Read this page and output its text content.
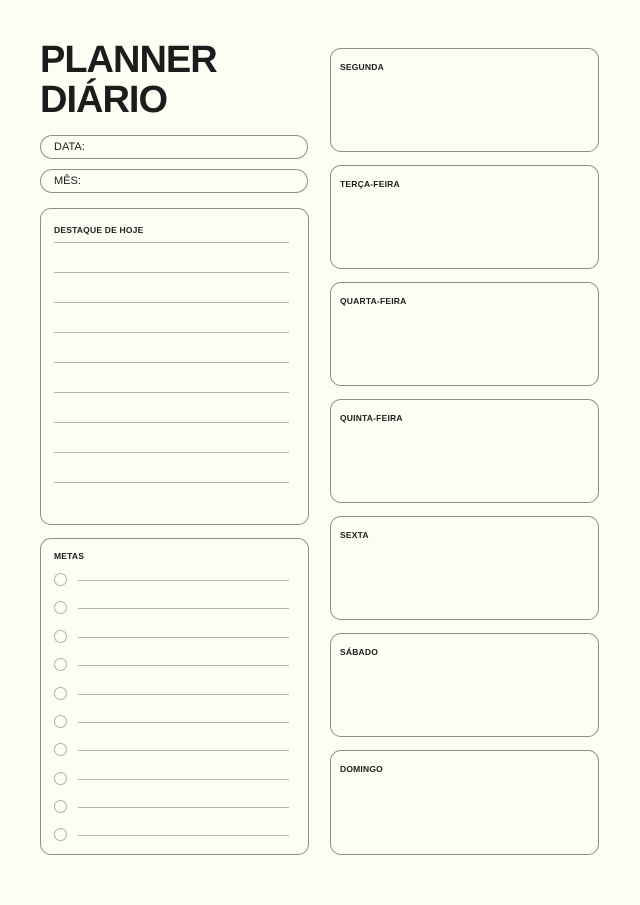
PLANNER
DIÁRIO
DATA:
MÊS:
DESTAQUE DE HOJE
METAS
SEGUNDA
TERÇA-FEIRA
QUARTA-FEIRA
QUINTA-FEIRA
SEXTA
SÁBADO
DOMINGO
